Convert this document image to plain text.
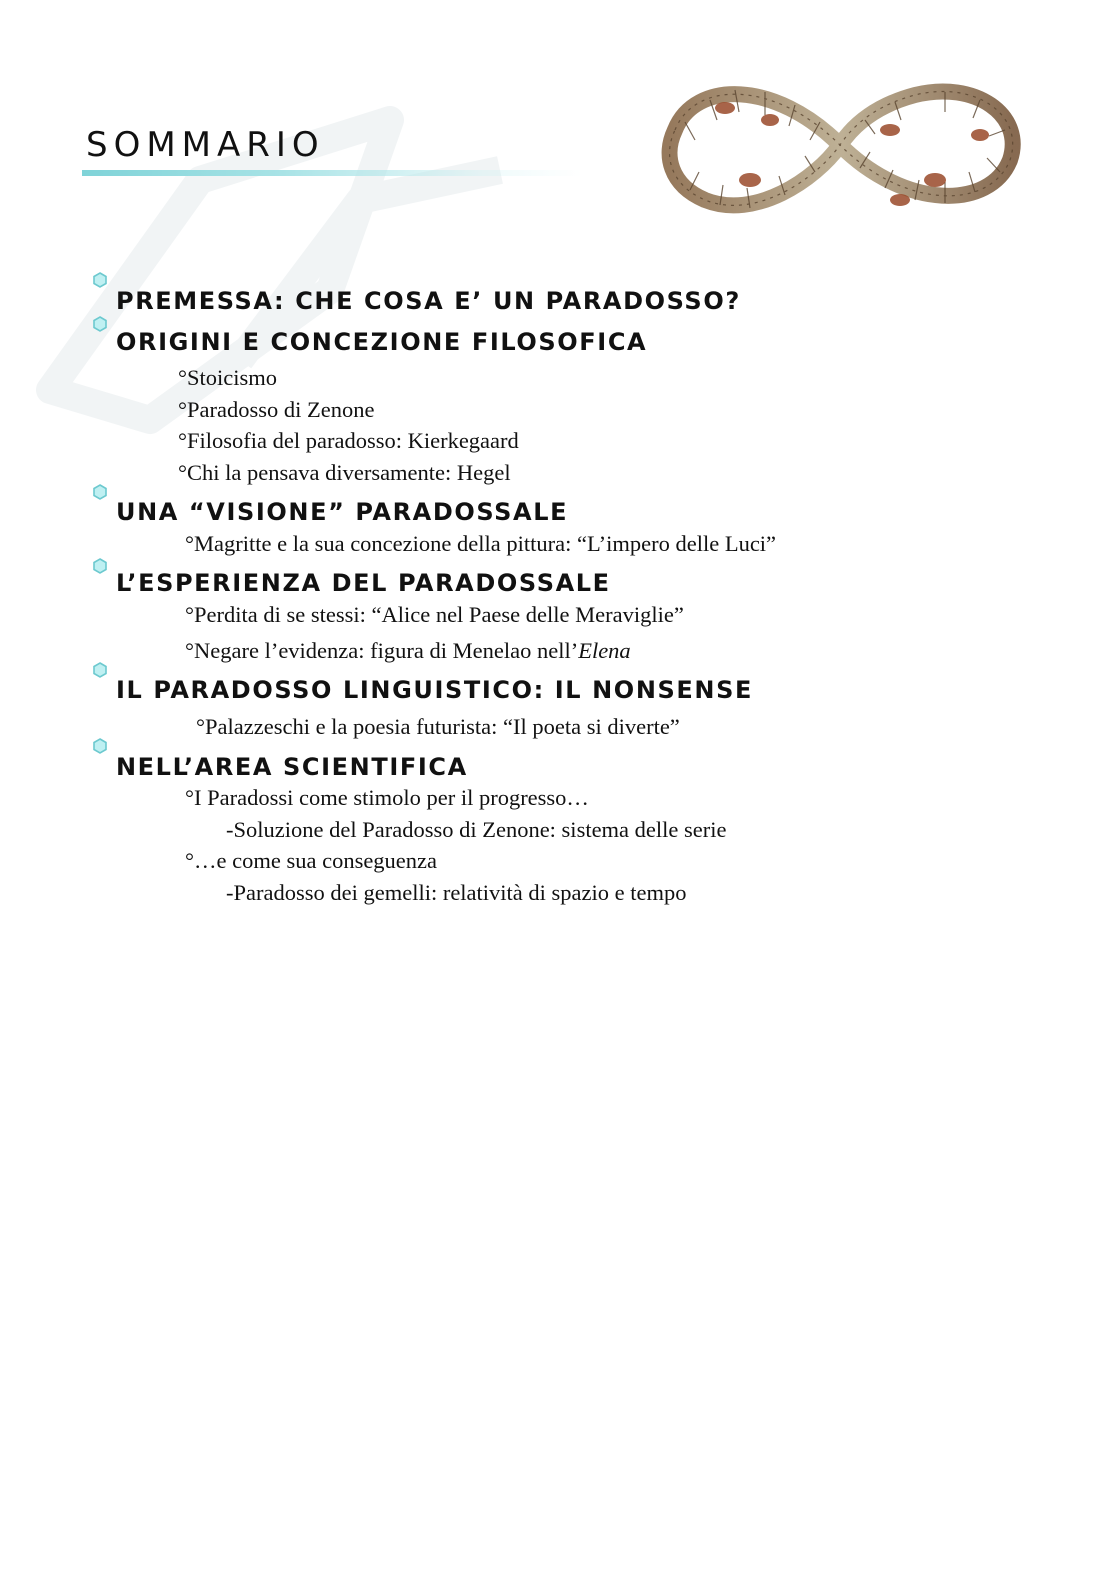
SOMMARIO
PREMESSA: CHE COSA E’ UN PARADOSSO?
ORIGINI E CONCEZIONE FILOSOFICA
°Stoicismo
°Paradosso di Zenone
°Filosofia del paradosso: Kierkegaard
°Chi la pensava diversamente: Hegel
UNA “VISIONE” PARADOSSALE
°Magritte e la sua concezione della pittura: “L’impero delle Luci”
L’ESPERIENZA DEL PARADOSSALE
°Perdita di se stessi: “Alice nel Paese delle Meraviglie”
°Negare l’evidenza: figura di Menelao nell’Elena
IL PARADOSSO LINGUISTICO: IL NONSENSE
°Palazzeschi e la poesia futurista: “Il poeta si diverte”
NELL’AREA SCIENTIFICA
°I Paradossi come stimolo per il progresso…
-Soluzione del Paradosso di Zenone: sistema delle serie
°…e come sua conseguenza
-Paradosso dei gemelli: relatività di spazio e tempo
